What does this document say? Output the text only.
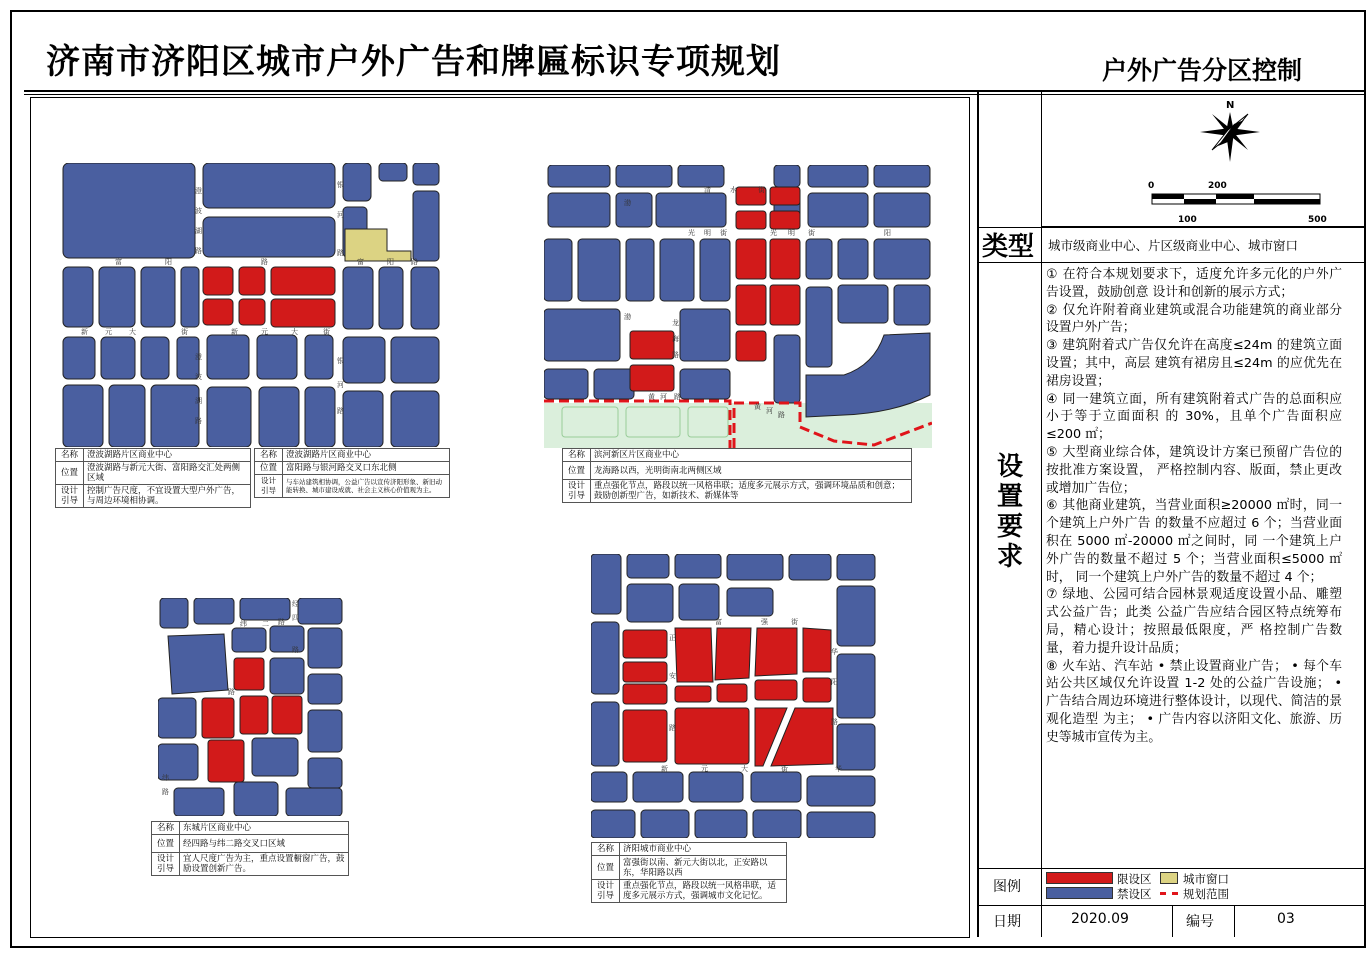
济南市济阳区城市户外广告和牌匾标识专项规划	户外广告分区控制
澄
波
湖
路
富	阳	路
新 元 大	街	新	元	大	街
银
河
路
富	阳 路
澄
波
湖
路
银
河
路
名称	澄波湖路片区商业中心
位置	澄波湖路与新元大街、富阳路交汇处两侧区域
设计引导	控制广告尺度，不宜设置大型户外广告，与周边环境相协调。
名称	澄波湖路片区商业中心
位置	富阳路与银河路交叉口东北侧
设计引导	与车站建筑相协调，公益广告以宣传济阳形象、新旧动能转换、城市建设成就、社会主义核心价值观为主。
清	水	街
渤
光 明 街	光 明 街
渤
阳
龙
海
路
黄 河 路
黄 河 路
名称	滨河新区片区商业中心
位置	龙海路以西，光明街南北两侧区域
设计引导	重点强化节点，路段以统一风格串联；适度多元展示方式，强调环境品质和创意；鼓励创新型广告，如新技术、新媒体等
经
四
路
纬 二 路
纬
路
路
名称	东城片区商业中心
位置	经四路与纬二路交叉口区域
设计引导	宜人尺度广告为主，重点设置橱窗广告，鼓励设置创新广告。
富	强	街
正
安
路
华
阳
路
新	元	大	街	华
名称	济阳城市商业中心
位置	富强街以南、新元大街以北，正安路以东，华阳路以西
设计引导	重点强化节点，路段以统一风格串联，适度多元展示方式，强调城市文化记忆。
N
0	200
100	500
类型 城市级商业中心、片区级商业中心、城市窗口
设
置
要
求

① 在符合本规划要求下，适度允许多元化的户外广告设置，鼓励创意 设计和创新的展示方式；

② 仅允许附着商业建筑或混合功能建筑的商业部分设置户外广告；

③ 建筑附着式广告仅允许在高度≤24m 的建筑立面设置；其中，高层 建筑有裙房且≤24m 的应优先在裙房设置；

④ 同一建筑立面，所有建筑附着式广告的总面积应小于等于立面面积 的 30%，且单个广告面积应≤200 ㎡；

⑤ 大型商业综合体，建筑设计方案已预留广告位的按批准方案设置， 严格控制内容、版面，禁止更改或增加广告位；

⑥ 其他商业建筑，当营业面积≥20000 ㎡时，同一个建筑上户外广告 的数量不应超过 6 个；当营业面积在 5000 ㎡-20000 ㎡之间时，同 一个建筑上户外广告的数量不超过 5 个；当营业面积≤5000 ㎡时， 同一个建筑上户外广告的数量不超过 4 个；

⑦ 绿地、公园可结合园林景观适度设置小品、雕塑式公益广告；此类 公益广告应结合园区特点统筹布局，精心设计；按照最低限度，严 格控制广告数量，着力提升设计品质；

⑧ 火车站、汽车站 • 禁止设置商业广告； • 每个车站公共区域仅允许设置 1-2 处的公益广告设施； • 广告结合周边环境进行整体设计，以现代、简洁的景观化造型 为主； • 广告内容以济阳文化、旅游、历史等城市宣传为主。

图例	限设区	城市窗口
禁设区	规划范围
日期	2020.09	编号	03
